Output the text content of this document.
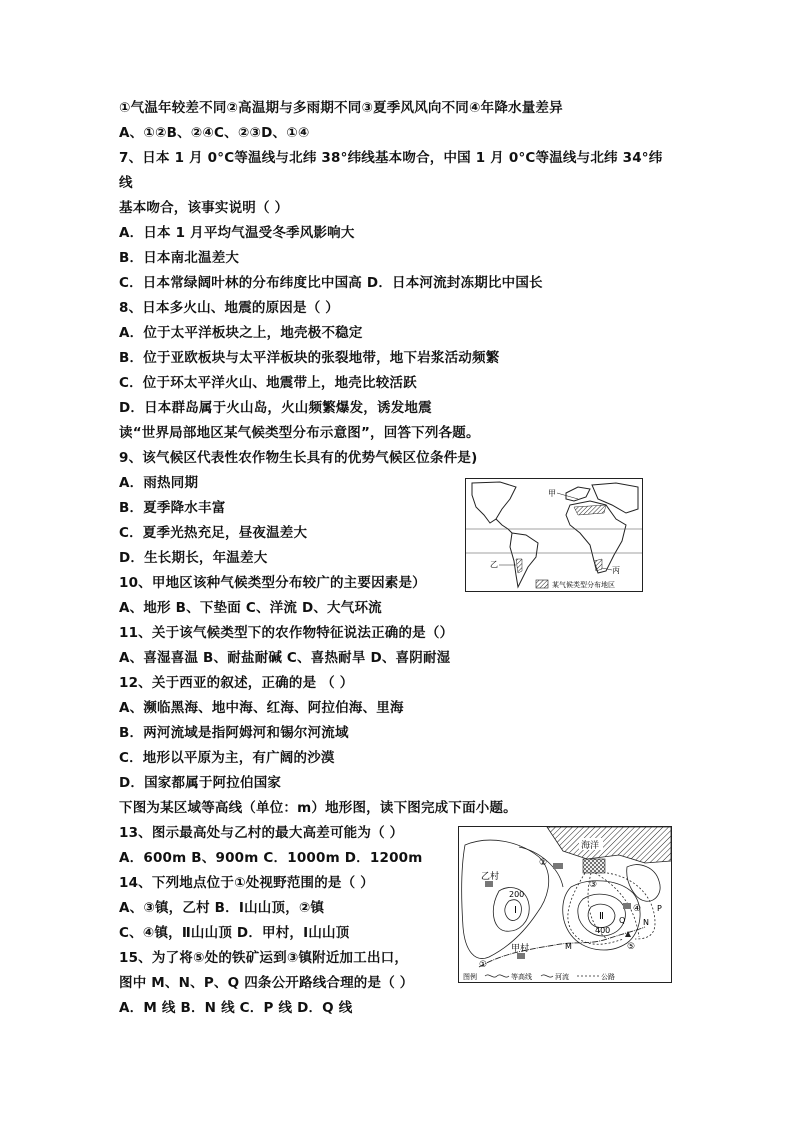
①气温年较差不同②高温期与多雨期不同③夏季风风向不同④年降水量差异
A、①②B、②④C、②③D、①④
7、日本 1 月 0°C等温线与北纬 38°纬线基本吻合，中国 1 月 0°C等温线与北纬 34°纬
线
基本吻合，该事实说明（ ）
A．日本 1 月平均气温受冬季风影响大
B．日本南北温差大
C．日本常绿阔叶林的分布纬度比中国高 D．日本河流封冻期比中国长
8、日本多火山、地震的原因是（ ）
A．位于太平洋板块之上，地壳极不稳定
B．位于亚欧板块与太平洋板块的张裂地带，地下岩浆活动频繁
C．位于环太平洋火山、地震带上，地壳比较活跃
D．日本群岛属于火山岛，火山频繁爆发，诱发地震
读“世界局部地区某气候类型分布示意图”，回答下列各题。
9、该气候区代表性农作物生长具有的优势气候区位条件是)
A．雨热同期
B．夏季降水丰富
C．夏季光热充足，昼夜温差大
D．生长期长，年温差大
10、甲地区该种气候类型分布较广的主要因素是）
A、地形 B、下垫面 C、洋流 D、大气环流
11、关于该气候类型下的农作物特征说法正确的是（）
A、喜湿喜温 B、耐盐耐碱 C、喜热耐旱 D、喜阴耐湿
12、关于西亚的叙述，正确的是 （ ）
A、濒临黑海、地中海、红海、阿拉伯海、里海
B．两河流域是指阿姆河和锡尔河流域
C．地形以平原为主，有广阔的沙漠
D．国家都属于阿拉伯国家
下图为某区域等高线（单位：m）地形图，读下图完成下面小题。
13、图示最高处与乙村的最大高差可能为（ ）
A．600m B、900m C．1000m D．1200m
14、下列地点位于①处视野范围的是（ ）
A、③镇，乙村 B．I山山顶，②镇
C、④镇，Ⅱ山山顶 D．甲村，I山山顶
15、为了将⑤处的铁矿运到③镇附近加工出口，
图中 M、N、P、Q 四条公开路线合理的是（ ）
A．M 线 B．N 线 C．P 线 D．Q 线
甲
乙
丙
某气候类型分布地区
海洋
乙村
甲村
I
Ⅱ
200
400
①
②
③
④
⑤
M
N
P
Q
图例	等高线	河流	公路
